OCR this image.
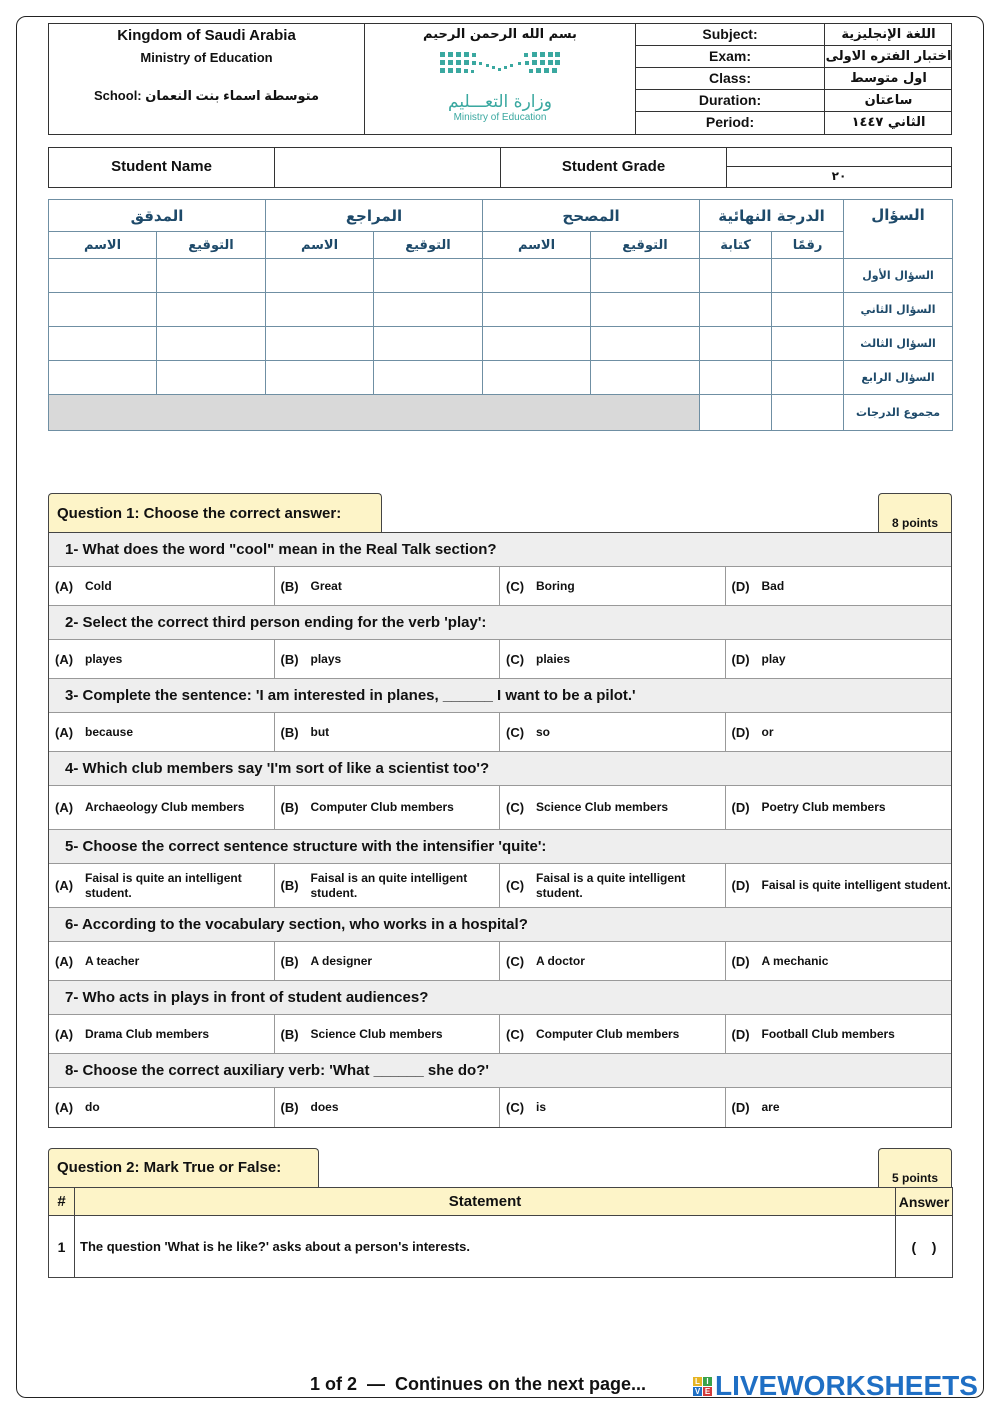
Kingdom of Saudi Arabia
Ministry of Education
School: متوسطة اسماء بنت النعمان
بسم الله الرحمن الرحيم
وزارة التعـــليم
Ministry of Education
Subject:	اللغة الإنجليزية
Exam:	اختبار الفتره الاولى
Class:	اول متوسط
Duration:	ساعتان
Period:	الثاني ١٤٤٧
Student Name	Student Grade
٢٠
المدقق		المراجع		المصحح		الدرجة النهائية		السؤال
الاسم	التوقيع	الاسم	التوقيع	الاسم	التوقيع	كتابة	رقمًا	
								السؤال الأول
								السؤال الثاني
								السؤال الثالث
								السؤال الرابع
								مجموع الدرجات
Question 1: Choose the correct answer:
8 points
1- What does the word "cool" mean in the Real Talk section?
(A) Cold	(B) Great	(C) Boring	(D) Bad
2- Select the correct third person ending for the verb 'play':
(A) playes	(B) plays	(C) plaies	(D) play
3- Complete the sentence: 'I am interested in planes, ______ I want to be a pilot.'
(A) because	(B) but	(C) so	(D) or
4- Which club members say 'I'm sort of like a scientist too'?
(A) Archaeology Club members	(B) Computer Club members	(C) Science Club members	(D) Poetry Club members
5- Choose the correct sentence structure with the intensifier 'quite':
(A)
Faisal is quite an intelligent student.	(B)
Faisal is an quite intelligent student.	(C)
Faisal is a quite intelligent student.	(D) Faisal is quite intelligent student.
6- According to the vocabulary section, who works in a hospital?
(A) A teacher	(B) A designer	(C) A doctor	(D) A mechanic
7- Who acts in plays in front of student audiences?
(A) Drama Club members	(B) Science Club members	(C) Computer Club members	(D) Football Club members
8- Choose the correct auxiliary verb: 'What ______ she do?'
(A) do	(B) does	(C) is	(D) are
Question 2: Mark True or False:
5 points
#	Statement	Answer
1	The question 'What is he like?' asks about a person's interests.	(    )
1 of 2  —  Continues on the next page...	L I
V E LIVEWORKSHEETS
